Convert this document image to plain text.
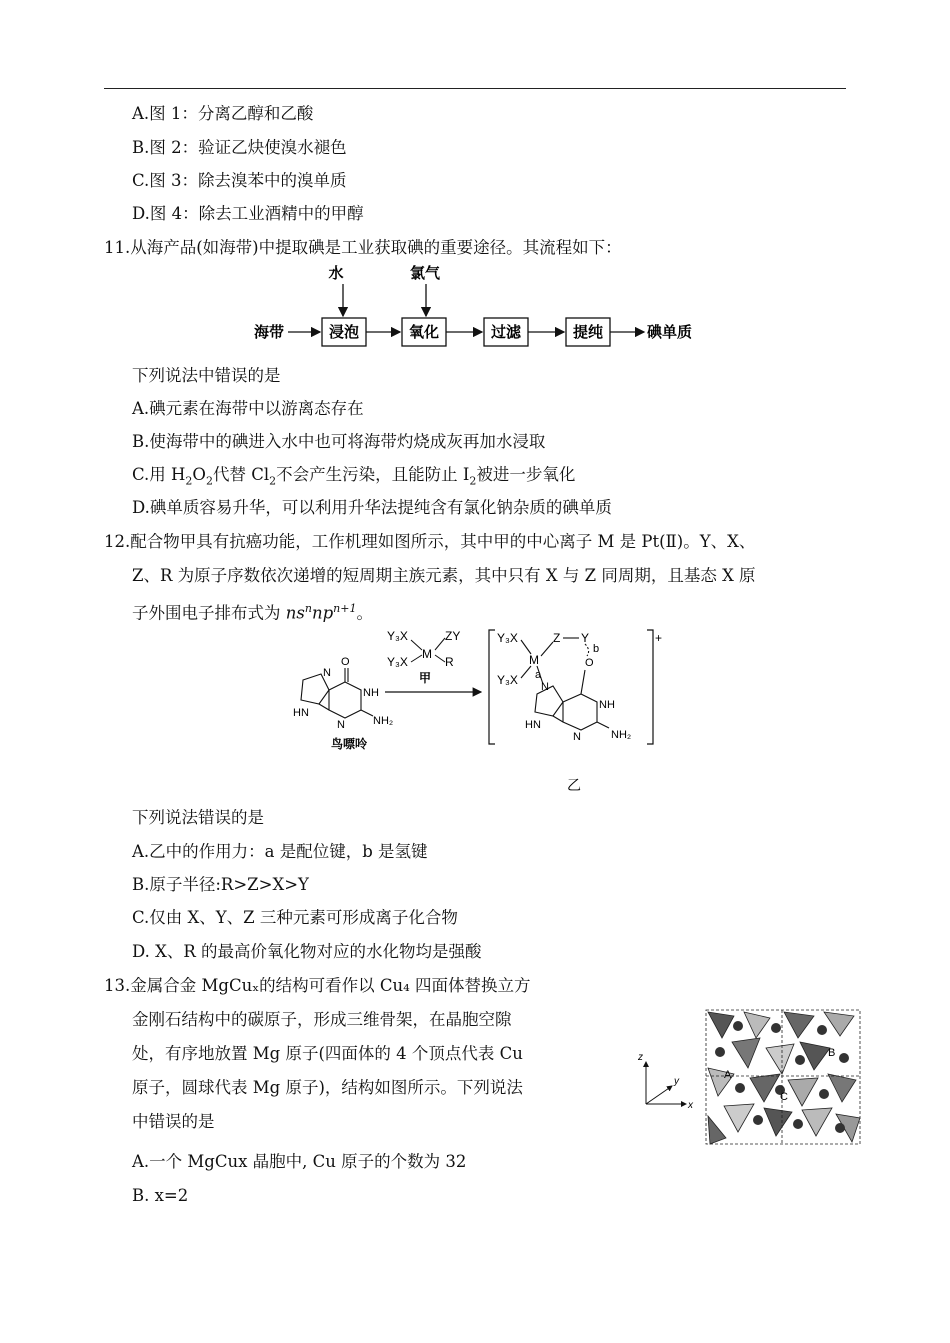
A.图 1：分离乙醇和乙酸
B.图 2：验证乙炔使溴水褪色
C.图 3：除去溴苯中的溴单质
D.图 4：除去工业酒精中的甲醇
11.从海产品(如海带)中提取碘是工业获取碘的重要途径。其流程如下：
水	氯气
海带	浸泡	氧化	过滤	提纯	碘单质
下列说法中错误的是
A.碘元素在海带中以游离态存在
B.使海带中的碘进入水中也可将海带灼烧成灰再加水浸取
C.用 $H_2O_2$代替 $Cl_2$不会产生污染，且能防止 $I_2$被进一步氧化
D.碘单质容易升华，可以利用升华法提纯含有氯化钠杂质的碘单质
12.配合物甲具有抗癌功能，工作机理如图所示，其中甲的中心离子 M 是 Pt(Ⅱ)。Y、X、
Z、R 为原子序数依次递增的短周期主族元素，其中只有 X 与 Z 同周期，且基态 X 原
子外围电子排布式为 $ns^nnp^{n+1}$。
Y₃X	ZY
M
Y₃X	R
甲
O
NH
N
HN
N	NH₂
鸟嘌呤
+
Y₃X
Y₃X
M
Z Y
b
O
a
N
NH
HN
N	NH₂
乙
下列说法错误的是
A.乙中的作用力：a 是配位键，b 是氢键
B.原子半径:R>Z>X>Y
C.仅由 X、Y、Z 三种元素可形成离子化合物
D. X、R 的最高价氧化物对应的水化物均是强酸
13.金属合金 MgCuₓ的结构可看作以 Cu₄ 四面体替换立方
金刚石结构中的碳原子，形成三维骨架，在晶胞空隙
处，有序地放置 Mg 原子(四面体的 4 个顶点代表 Cu
原子，圆球代表 Mg 原子)，结构如图所示。下列说法
中错误的是
A.一个 MgCux 晶胞中, Cu 原子的个数为 32
B. x=2
z
y
x
A
B
C
